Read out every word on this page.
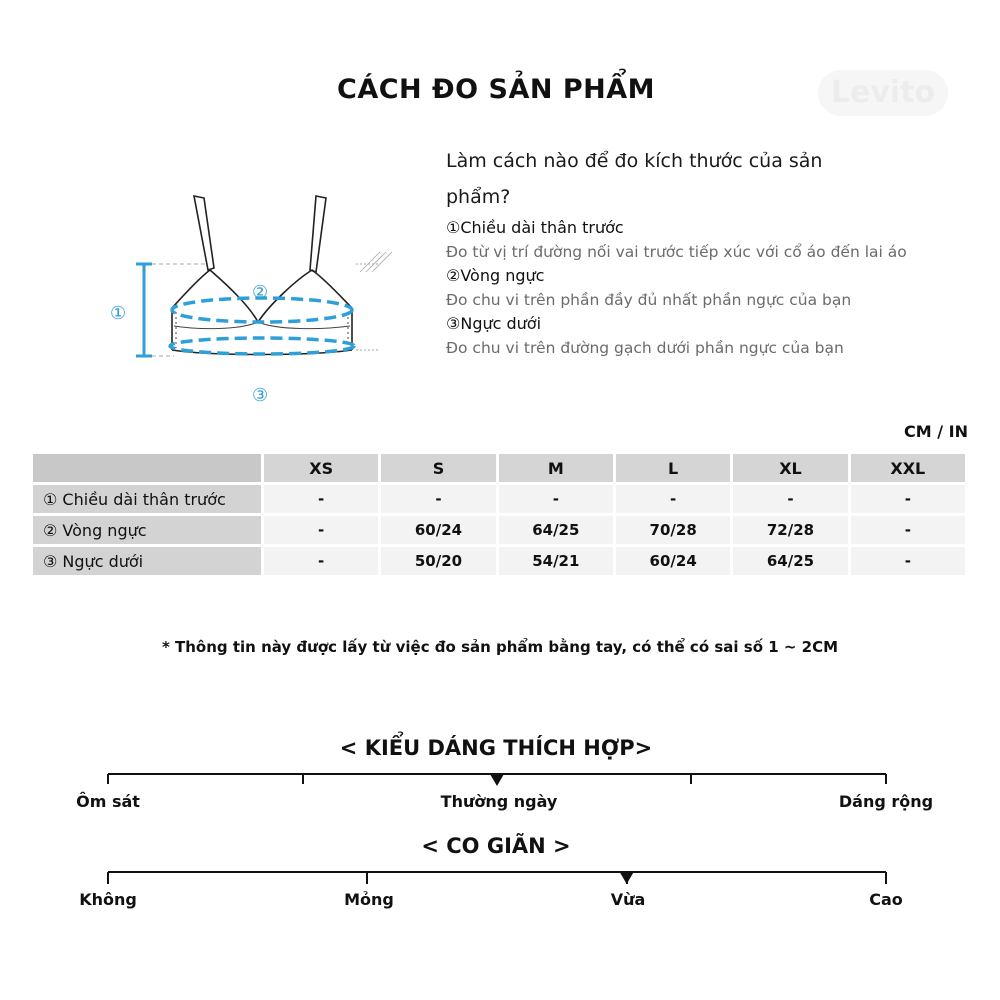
CÁCH ĐO SẢN PHẨM	Levito
①
②
③
Làm cách nào để đo kích thước của sản
phẩm?
①Chiều dài thân trước
Đo từ vị trí đường nối vai trước tiếp xúc với cổ áo đến lai áo
②Vòng ngực
Đo chu vi trên phần đầy đủ nhất phần ngực của bạn
③Ngực dưới
Đo chu vi trên đường gạch dưới phần ngực của bạn
CM / IN
	XS	S	M	L	XL	XXL
① Chiều dài thân trước	-	-	-	-	-	-
② Vòng ngực	-	60/24	64/25	70/28	72/28	-
③ Ngực dưới	-	50/20	54/21	60/24	64/25	-
* Thông tin này được lấy từ việc đo sản phẩm bằng tay, có thể có sai số 1 ~ 2CM
< KIỂU DÁNG THÍCH HỢP>
Ôm sát	Thường ngày	Dáng rộng
< CO GIÃN >
Không	Mỏng	Vừa	Cao
